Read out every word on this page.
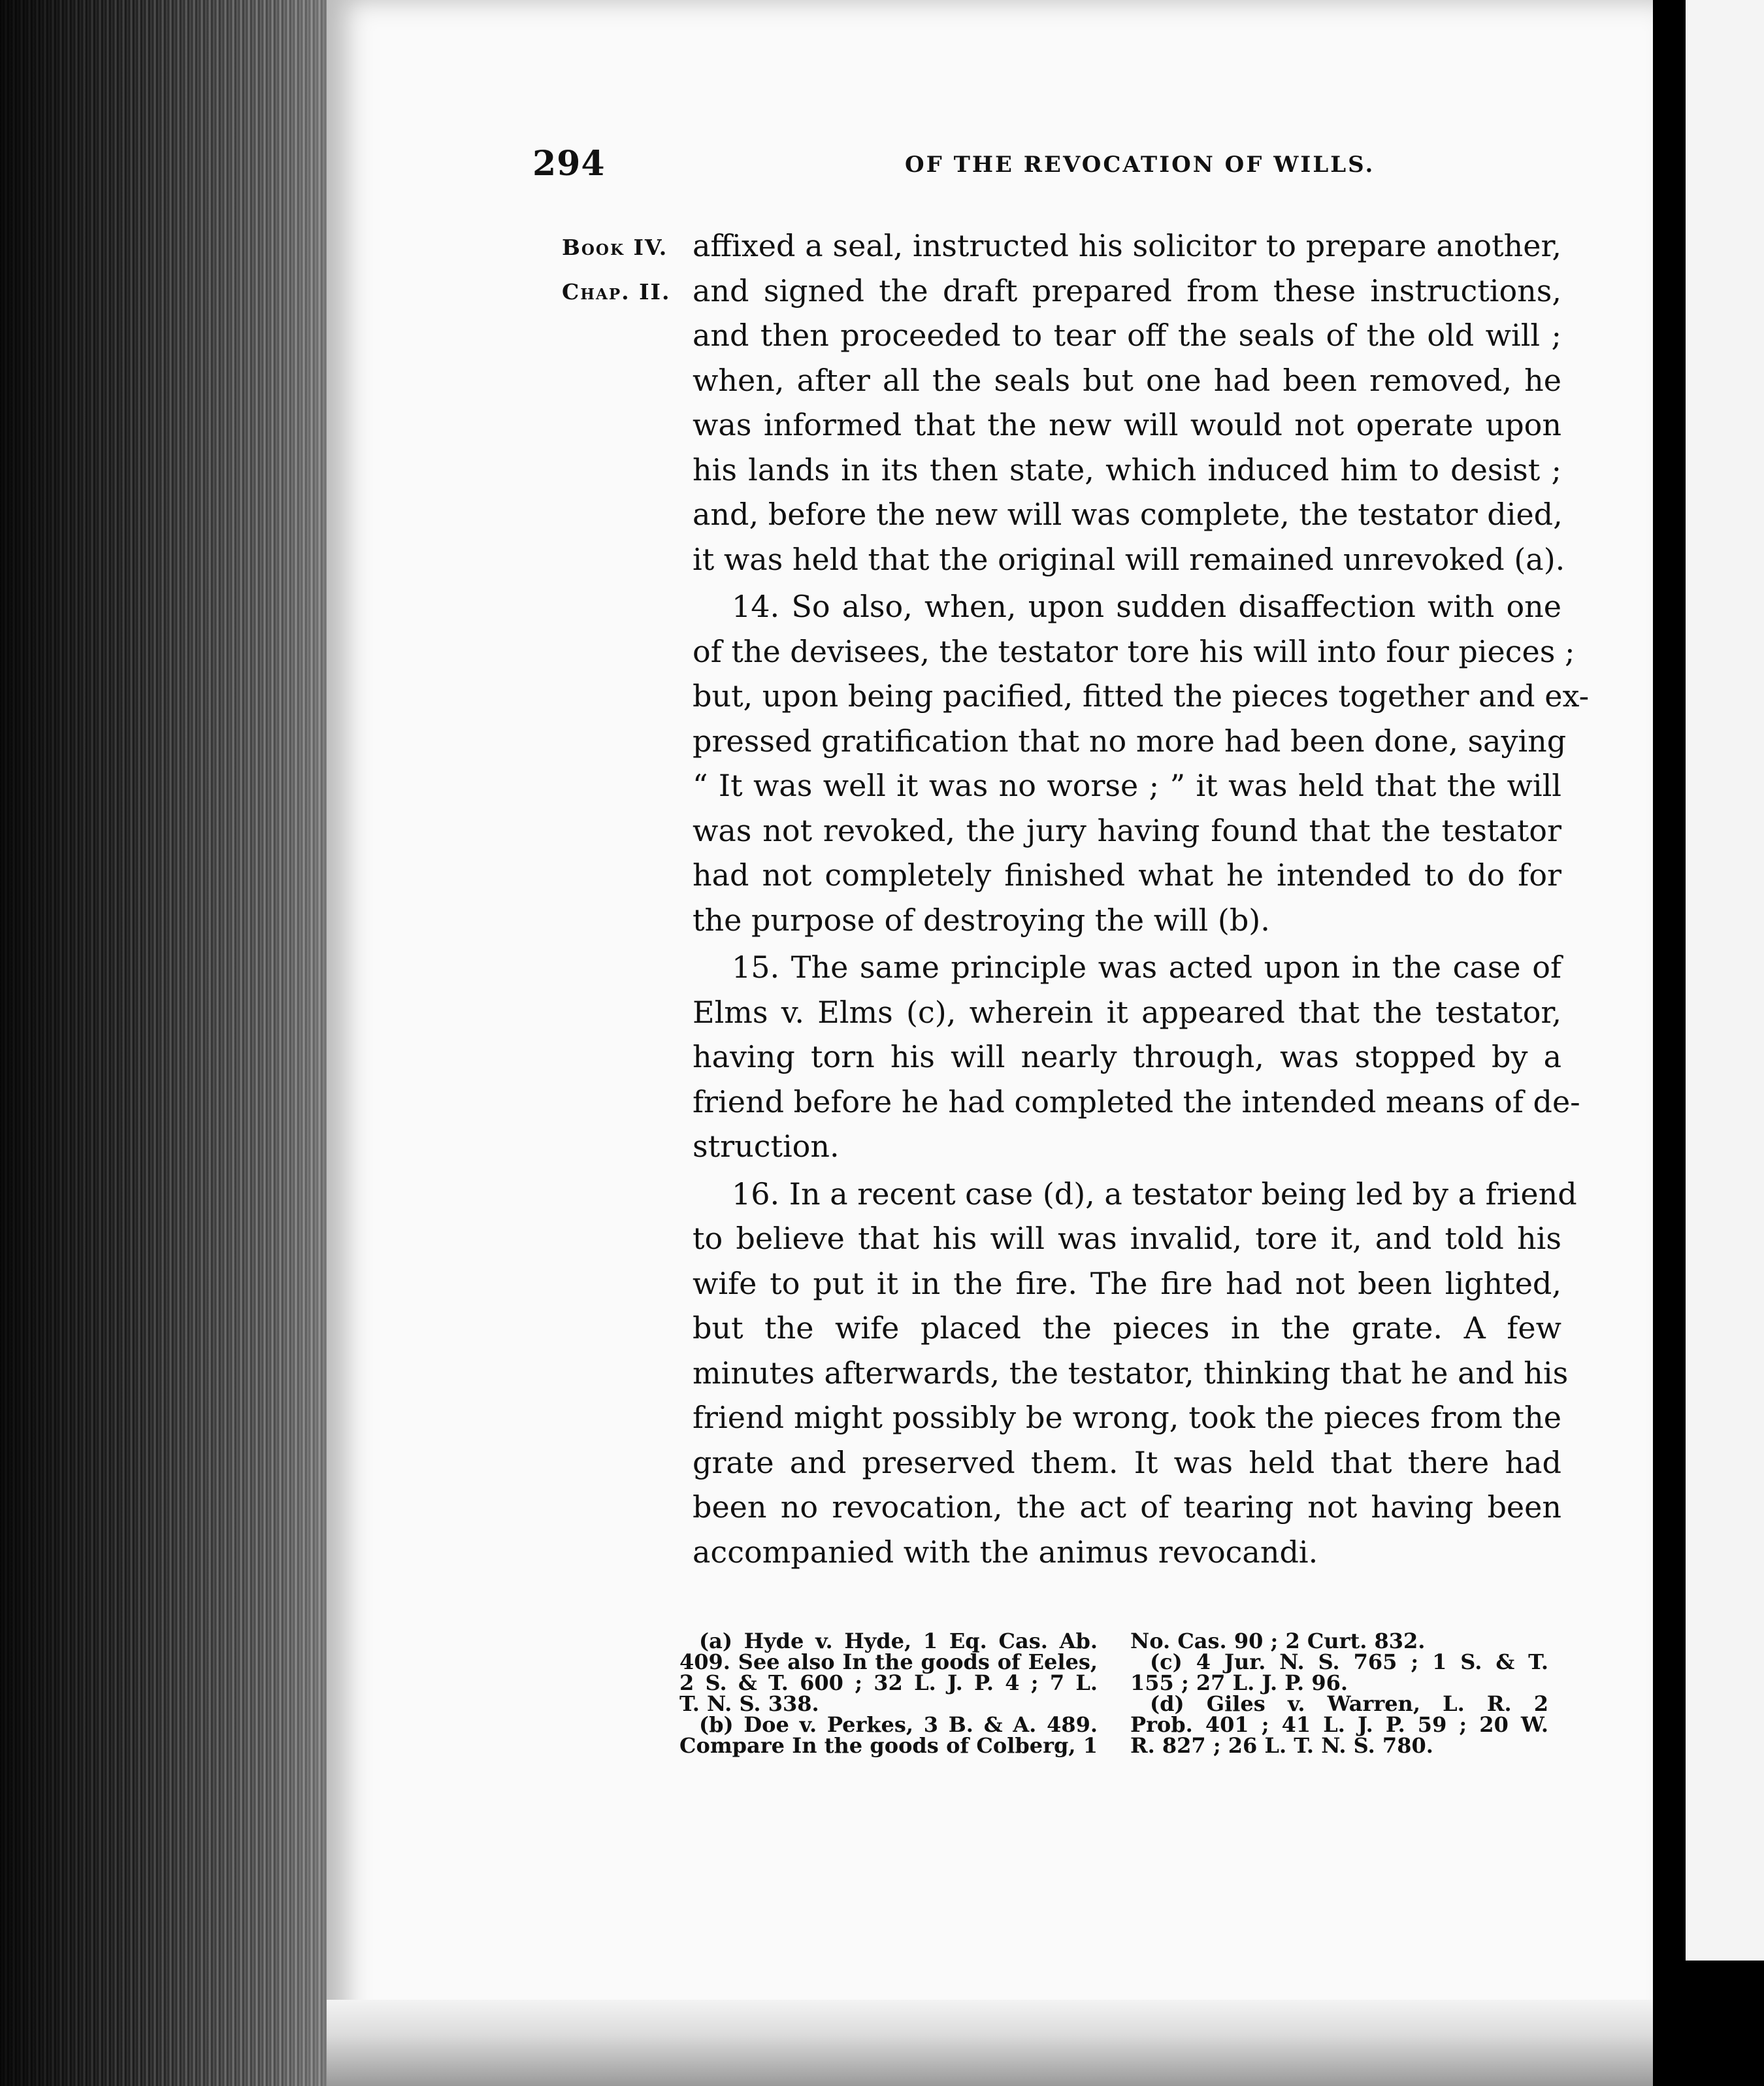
294	OF THE REVOCATION OF WILLS.
Book IV.
Chap. II.

affixed a seal, instructed his solicitor to prepare another,
and signed the draft prepared from these instructions,
and then proceeded to tear off the seals of the old will ;
when, after all the seals but one had been removed, he
was informed that the new will would not operate upon
his lands in its then state, which induced him to desist ;
and, before the new will was complete, the testator died,
it was held that the original will remained unrevoked (a).

14. So also, when, upon sudden disaffection with one
of the devisees, the testator tore his will into four pieces ;
but, upon being pacified, fitted the pieces together and ex-
pressed gratification that no more had been done, saying
“ It was well it was no worse ; ” it was held that the will
was not revoked, the jury having found that the testator
had not completely finished what he intended to do for
the purpose of destroying the will (b).

15. The same principle was acted upon in the case of
Elms v. Elms (c), wherein it appeared that the testator,
having torn his will nearly through, was stopped by a
friend before he had completed the intended means of de-
struction.

16. In a recent case (d), a testator being led by a friend
to believe that his will was invalid, tore it, and told his
wife to put it in the fire. The fire had not been lighted,
but the wife placed the pieces in the grate. A few
minutes afterwards, the testator, thinking that he and his
friend might possibly be wrong, took the pieces from the
grate and preserved them. It was held that there had
been no revocation, the act of tearing not having been
accompanied with the animus revocandi.

(a) Hyde v. Hyde, 1 Eq. Cas. Ab.
409. See also In the goods of Eeles,
2 S. & T. 600 ; 32 L. J. P. 4 ; 7 L.
T. N. S. 338.
(b) Doe v. Perkes, 3 B. & A. 489.
Compare In the goods of Colberg, 1
No. Cas. 90 ; 2 Curt. 832.
(c) 4 Jur. N. S. 765 ; 1 S. & T.
155 ; 27 L. J. P. 96.
(d) Giles v. Warren, L. R. 2
Prob. 401 ; 41 L. J. P. 59 ; 20 W.
R. 827 ; 26 L. T. N. S. 780.
